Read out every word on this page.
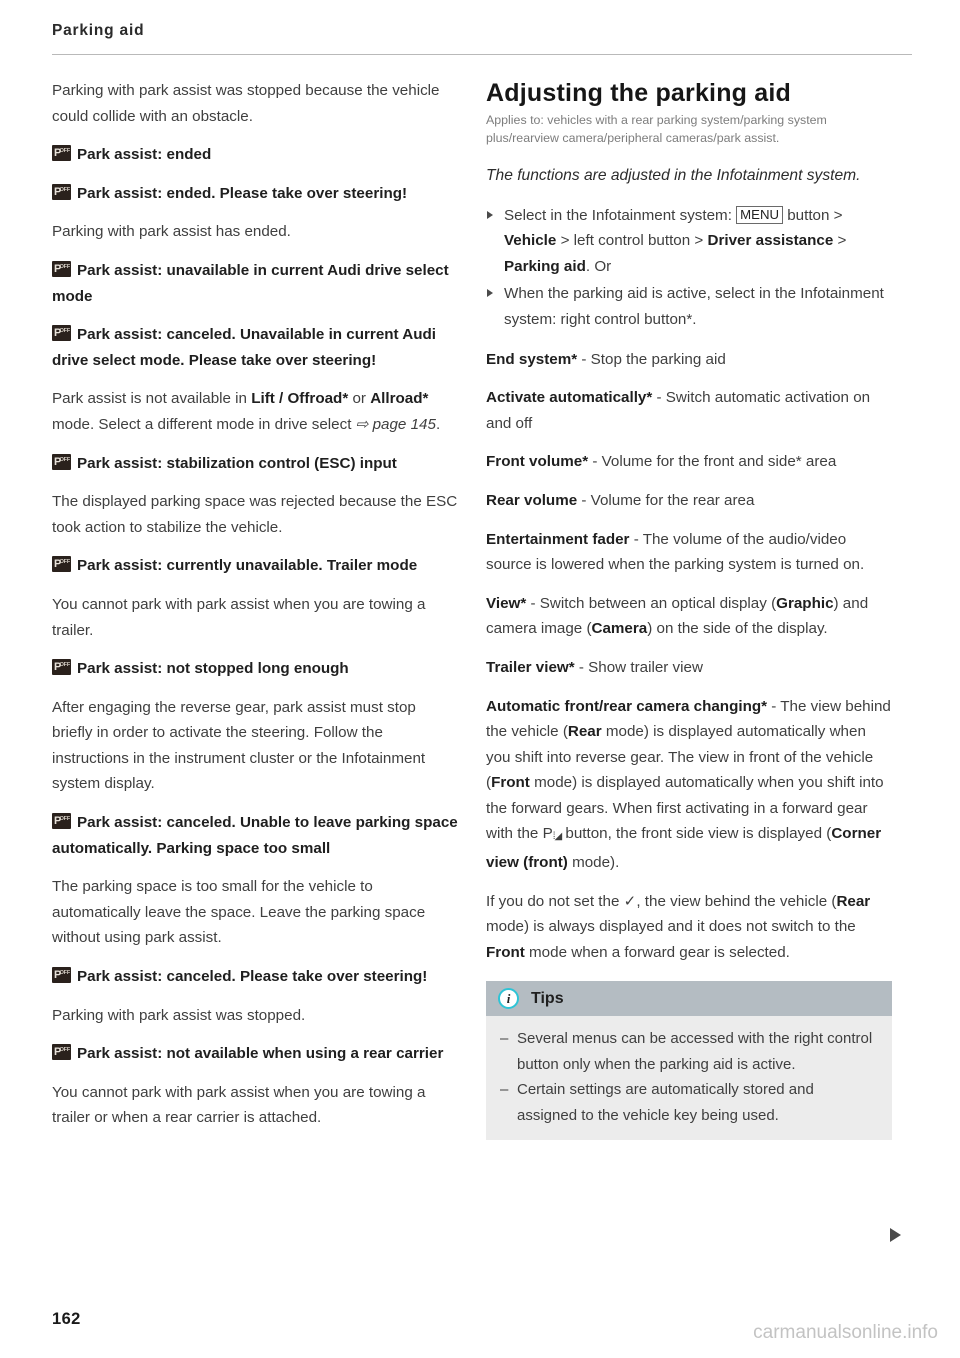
Parking aid

Parking with park assist was stopped because the vehicle could collide with an obstacle.

P OFFPark assist: ended

P OFFPark assist: ended. Please take over steering!

Parking with park assist has ended.

P OFFPark assist: unavailable in current Audi drive select mode

P OFFPark assist: canceled. Unavailable in current Audi drive select mode. Please take over steering!

Park assist is not available in Lift / Offroad* or Allroad* mode. Select a different mode in drive select ⇨ page 145.

P OFFPark assist: stabilization control (ESC) input

The displayed parking space was rejected because the ESC took action to stabilize the vehicle.

P OFFPark assist: currently unavailable. Trailer mode

You cannot park with park assist when you are towing a trailer.

P OFFPark assist: not stopped long enough

After engaging the reverse gear, park assist must stop briefly in order to activate the steering. Follow the instructions in the instrument cluster or the Infotainment system display.

P OFFPark assist: canceled. Unable to leave parking space automatically. Parking space too small

The parking space is too small for the vehicle to automatically leave the space. Leave the parking space without using park assist.

P OFFPark assist: canceled. Please take over steering!

Parking with park assist was stopped.

P OFFPark assist: not available when using a rear carrier

You cannot park with park assist when you are towing a trailer or when a rear carrier is attached.

Adjusting the parking aid
Applies to: vehicles with a rear parking system/parking system plus/rearview camera/peripheral cameras/park assist.
The functions are adjusted in the Infotainment system.
Select in the Infotainment system: MENU button > Vehicle > left control button > Driver assistance > Parking aid. Or
When the parking aid is active, select in the Infotainment system: right control button*.

End system* - Stop the parking aid

Activate automatically* - Switch automatic activation on and off

Front volume* - Volume for the front and side* area

Rear volume - Volume for the rear area

Entertainment fader - The volume of the audio/video source is lowered when the parking system is turned on.

View* - Switch between an optical display (Graphic) and camera image (Camera) on the side of the display.

Trailer view* - Show trailer view

Automatic front/rear camera changing* - The view behind the vehicle (Rear mode) is displayed automatically when you shift into reverse gear. The view in front of the vehicle (Front mode) is displayed automatically when you shift into the forward gears. When first activating in a forward gear with the P⁞◢ button, the front side view is displayed (Corner view (front) mode).

If you do not set the ✓, the view behind the vehicle (Rear mode) is always displayed and it does not switch to the Front mode when a forward gear is selected.

i	Tips
– Several menus can be accessed with the right control button only when the parking aid is active.
– Certain settings are automatically stored and assigned to the vehicle key being used.
162
carmanualsonline.info
